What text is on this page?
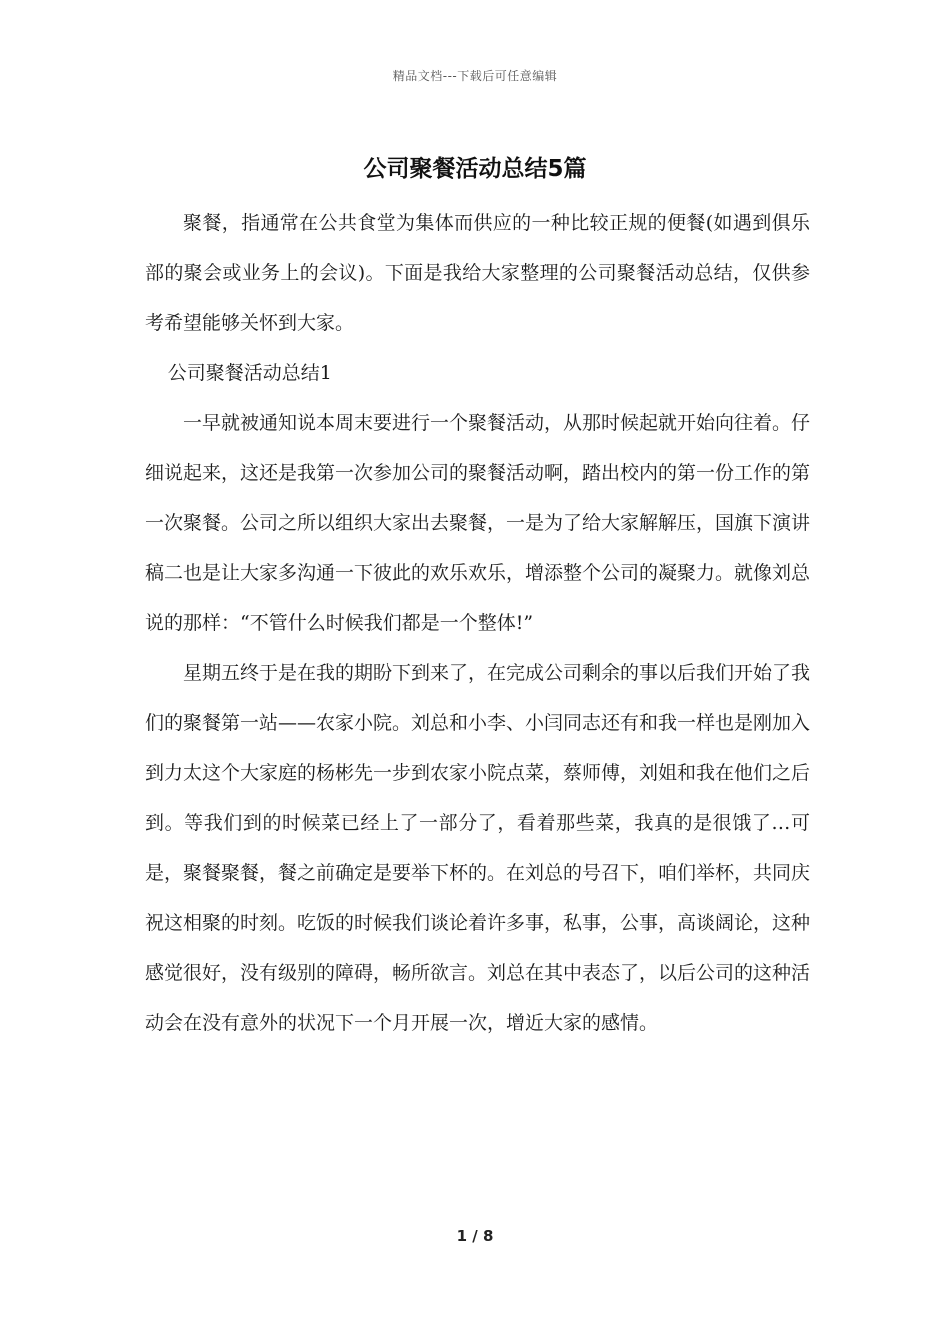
精品文档---下载后可任意编辑
公司聚餐活动总结5篇

聚餐，指通常在公共食堂为集体而供应的一种比较正规的便餐(如遇到俱乐部的聚会或业务上的会议)。下面是我给大家整理的公司聚餐活动总结，仅供参考希望能够关怀到大家。

公司聚餐活动总结1

一早就被通知说本周末要进行一个聚餐活动，从那时候起就开始向往着。仔细说起来，这还是我第一次参加公司的聚餐活动啊，踏出校内的第一份工作的第一次聚餐。公司之所以组织大家出去聚餐，一是为了给大家解解压，国旗下演讲稿二也是让大家多沟通一下彼此的欢乐欢乐，增添整个公司的凝聚力。就像刘总说的那样：“不管什么时候我们都是一个整体!”

星期五终于是在我的期盼下到来了，在完成公司剩余的事以后我们开始了我们的聚餐第一站——农家小院。刘总和小李、小闫同志还有和我一样也是刚加入到力太这个大家庭的杨彬先一步到农家小院点菜，蔡师傅，刘姐和我在他们之后到。等我们到的时候菜已经上了一部分了，看着那些菜，我真的是很饿了…可是，聚餐聚餐，餐之前确定是要举下杯的。在刘总的号召下，咱们举杯，共同庆祝这相聚的时刻。吃饭的时候我们谈论着许多事，私事，公事，高谈阔论，这种感觉很好，没有级别的障碍，畅所欲言。刘总在其中表态了，以后公司的这种活动会在没有意外的状况下一个月开展一次，增近大家的感情。

1 / 8
